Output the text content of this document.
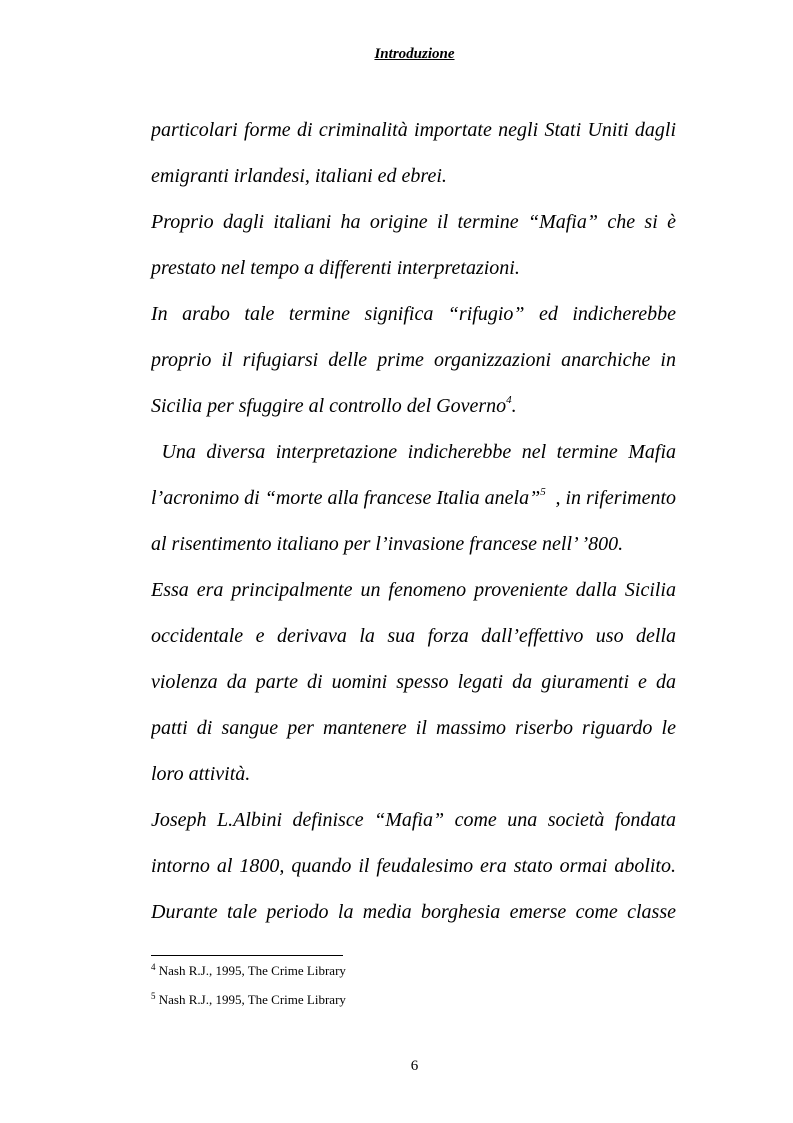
Introduzione
particolari forme di criminalità importate negli Stati Uniti dagli
emigranti irlandesi, italiani ed ebrei.
Proprio dagli italiani ha origine il termine “Mafia” che si è
prestato nel tempo a differenti interpretazioni.
In arabo tale termine significa “rifugio” ed indicherebbe
proprio il rifugiarsi delle prime organizzazioni anarchiche in
Sicilia per sfuggire al controllo del Governo$^4$.
Una diversa interpretazione indicherebbe nel termine Mafia
l’acronimo di “morte alla francese Italia anela”$^5$ , in riferimento
al risentimento italiano per l’invasione francese nell’ ’800.
Essa era principalmente un fenomeno proveniente dalla Sicilia
occidentale e derivava la sua forza dall’effettivo uso della
violenza da parte di uomini spesso legati da giuramenti e da
patti di sangue per mantenere il massimo riserbo riguardo le
loro attività.
Joseph L.Albini definisce “Mafia” come una società fondata
intorno al 1800, quando il feudalesimo era stato ormai abolito.
Durante tale periodo la media borghesia emerse come classe
$^4$ Nash R.J., 1995, The Crime Library
$^5$ Nash R.J., 1995, The Crime Library
6
